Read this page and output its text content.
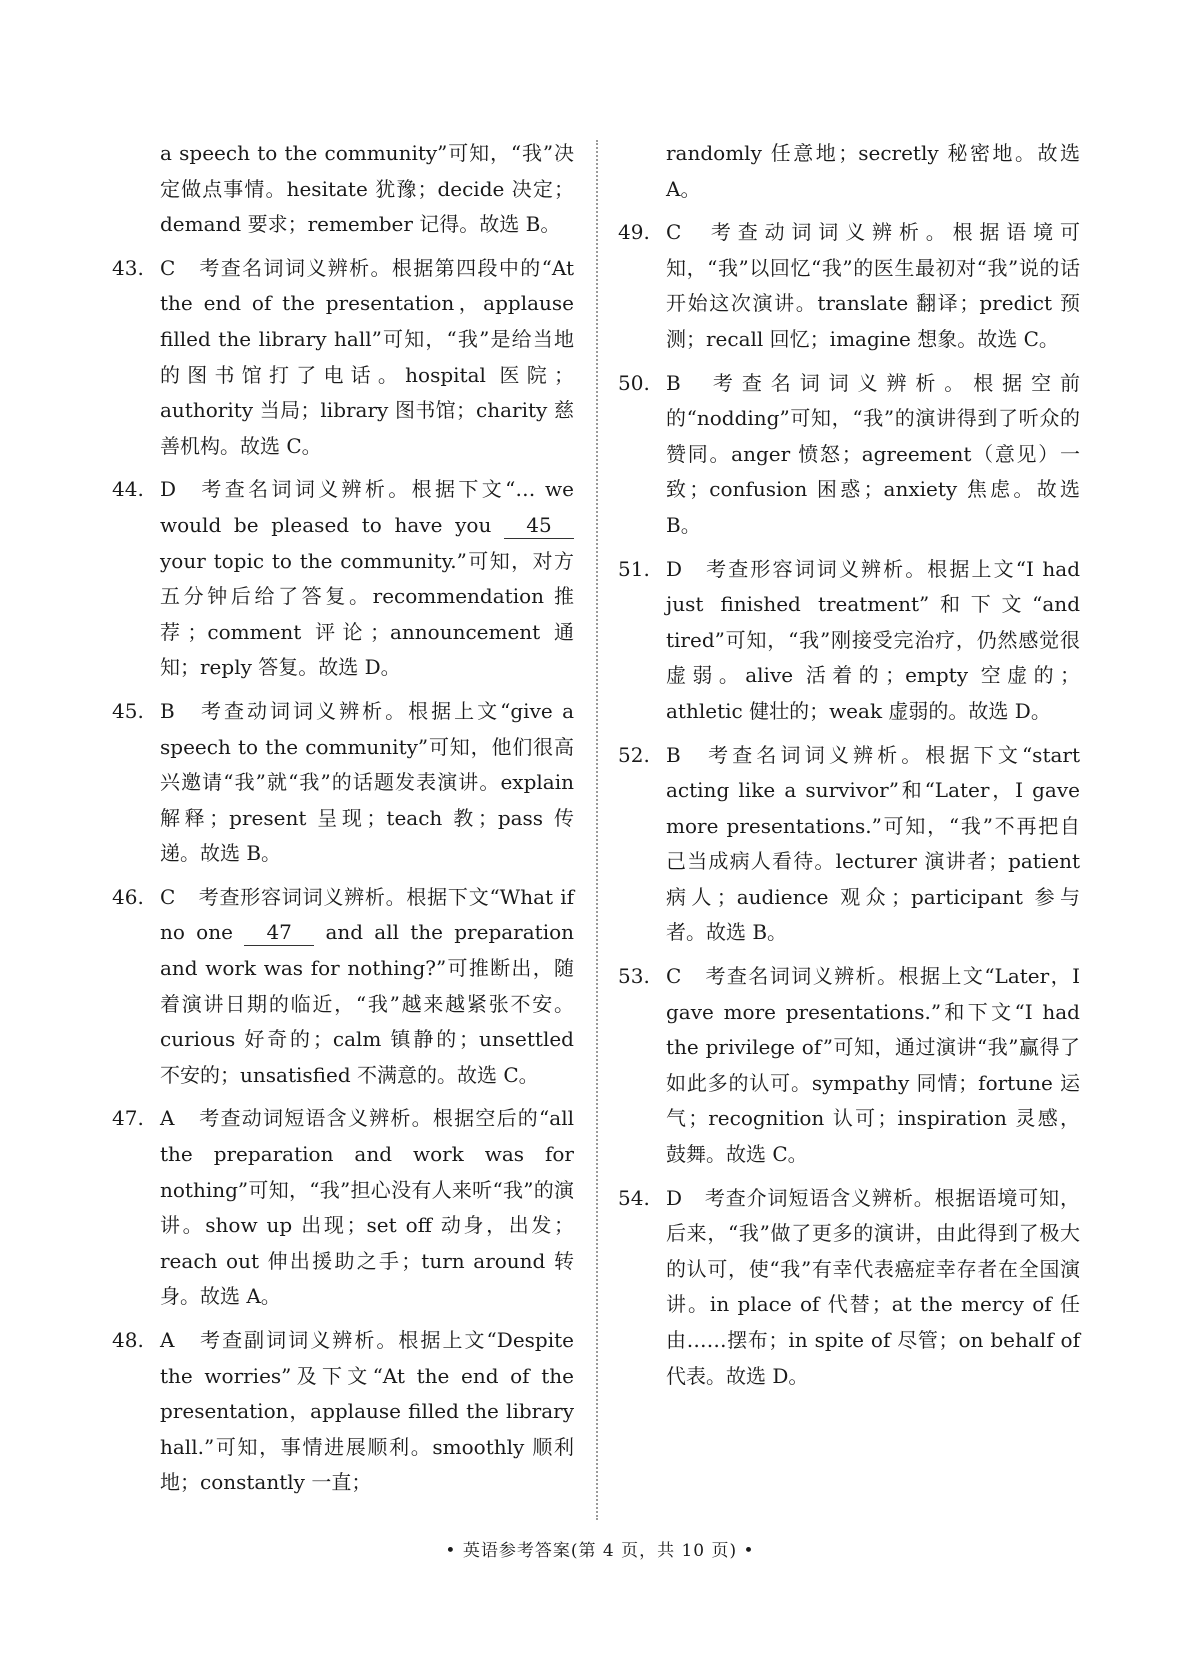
a speech to the community”可知，“我”决定做点事情。hesitate 犹豫；decide 决定；demand 要求；remember 记得。故选 B。

43. C 考查名词词义辨析。根据第四段中的“At the end of the presentation，applause filled the library hall”可知，“我”是给当地的图书馆打了电话。hospital 医院；authority 当局；library 图书馆；charity 慈善机构。故选 C。

44. D 考查名词词义辨析。根据下文“… we would be pleased to have you 45 your topic to the community.”可知，对方五分钟后给了答复。recommendation 推荐；comment 评论；announcement 通知；reply 答复。故选 D。

45. B 考查动词词义辨析。根据上文“give a speech to the community”可知，他们很高兴邀请“我”就“我”的话题发表演讲。explain 解释；present 呈现；teach 教；pass 传递。故选 B。

46. C 考查形容词词义辨析。根据下文“What if no one 47 and all the preparation and work was for nothing?”可推断出，随着演讲日期的临近，“我”越来越紧张不安。curious 好奇的；calm 镇静的；unsettled 不安的；unsatisfied 不满意的。故选 C。

47. A 考查动词短语含义辨析。根据空后的“all the preparation and work was for nothing”可知，“我”担心没有人来听“我”的演讲。show up 出现；set off 动身，出发；reach out 伸出援助之手；turn around 转身。故选 A。

48. A 考查副词词义辨析。根据上文“Despite the worries”及下文“At the end of the presentation，applause filled the library hall.”可知，事情进展顺利。smoothly 顺利地；constantly 一直；

randomly 任意地；secretly 秘密地。故选 A。

49. C 考查动词词义辨析。根据语境可知，“我”以回忆“我”的医生最初对“我”说的话开始这次演讲。translate 翻译；predict 预测；recall 回忆；imagine 想象。故选 C。

50. B 考查名词词义辨析。根据空前的“nodding”可知，“我”的演讲得到了听众的赞同。anger 愤怒；agreement（意见）一致；confusion 困惑；anxiety 焦虑。故选 B。

51. D 考查形容词词义辨析。根据上文“I had just finished treatment”和下文“and tired”可知，“我”刚接受完治疗，仍然感觉很虚弱。alive 活着的；empty 空虚的；athletic 健壮的；weak 虚弱的。故选 D。

52. B 考查名词词义辨析。根据下文“start acting like a survivor”和“Later，I gave more presentations.”可知，“我”不再把自己当成病人看待。lecturer 演讲者；patient 病人；audience 观众；participant 参与者。故选 B。

53. C 考查名词词义辨析。根据上文“Later，I gave more presentations.”和下文“I had the privilege of”可知，通过演讲“我”赢得了如此多的认可。sympathy 同情；fortune 运气；recognition 认可；inspiration 灵感，鼓舞。故选 C。

54. D 考查介词短语含义辨析。根据语境可知，后来，“我”做了更多的演讲，由此得到了极大的认可，使“我”有幸代表癌症幸存者在全国演讲。in place of 代替；at the mercy of 任由……摆布；in spite of 尽管；on behalf of 代表。故选 D。

• 英语参考答案(第 4 页，共 10 页) •
